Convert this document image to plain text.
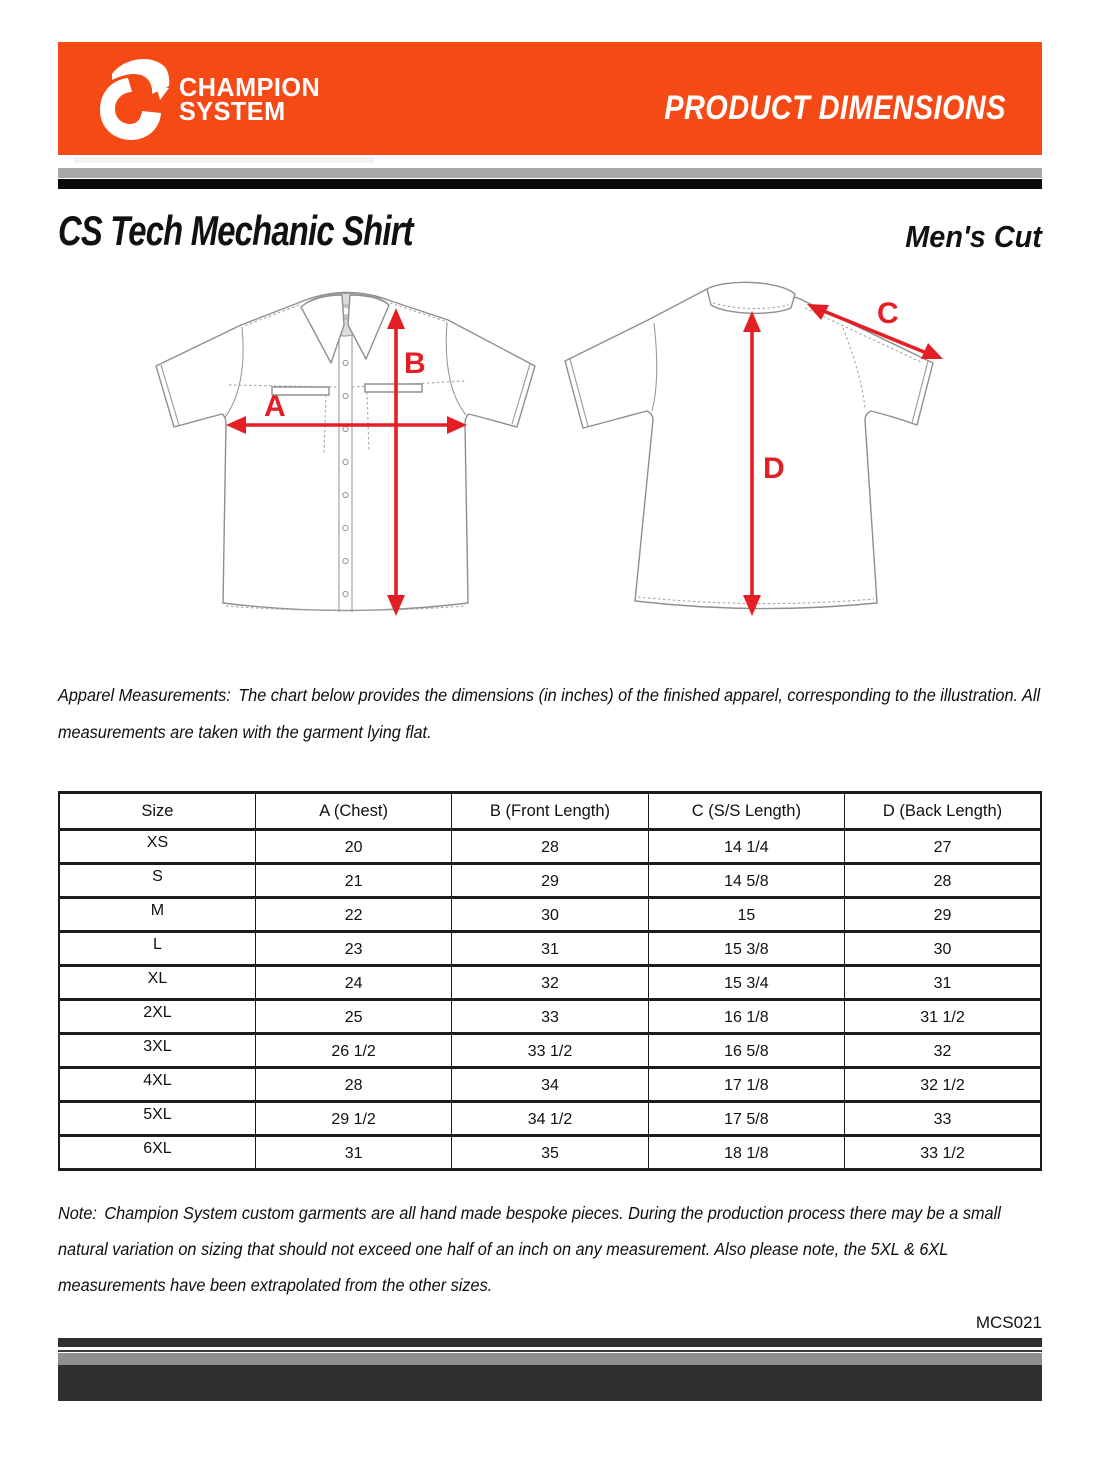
CHAMPION
SYSTEM	PRODUCT DIMENSIONS
CS Tech Mechanic Shirt	Men's Cut
A
B
D
C

Apparel Measurements: The chart below provides the dimensions (in inches) of the finished apparel, corresponding to the illustration. All measurements are taken with the garment lying flat.

Size	A (Chest)	B (Front Length)	C (S/S Length)	D (Back Length)
XS	20	28	14 1/4	27
S	21	29	14 5/8	28
M	22	30	15	29
L	23	31	15 3/8	30
XL	24	32	15 3/4	31
2XL	25	33	16 1/8	31 1/2
3XL	26 1/2	33 1/2	16 5/8	32
4XL	28	34	17 1/8	32 1/2
5XL	29 1/2	34 1/2	17 5/8	33
6XL	31	35	18 1/8	33 1/2

Note: Champion System custom garments are all hand made bespoke pieces. During the production process there may be a small natural variation on sizing that should not exceed one half of an inch on any measurement. Also please note, the 5XL & 6XL measurements have been extrapolated from the other sizes.

MCS021
